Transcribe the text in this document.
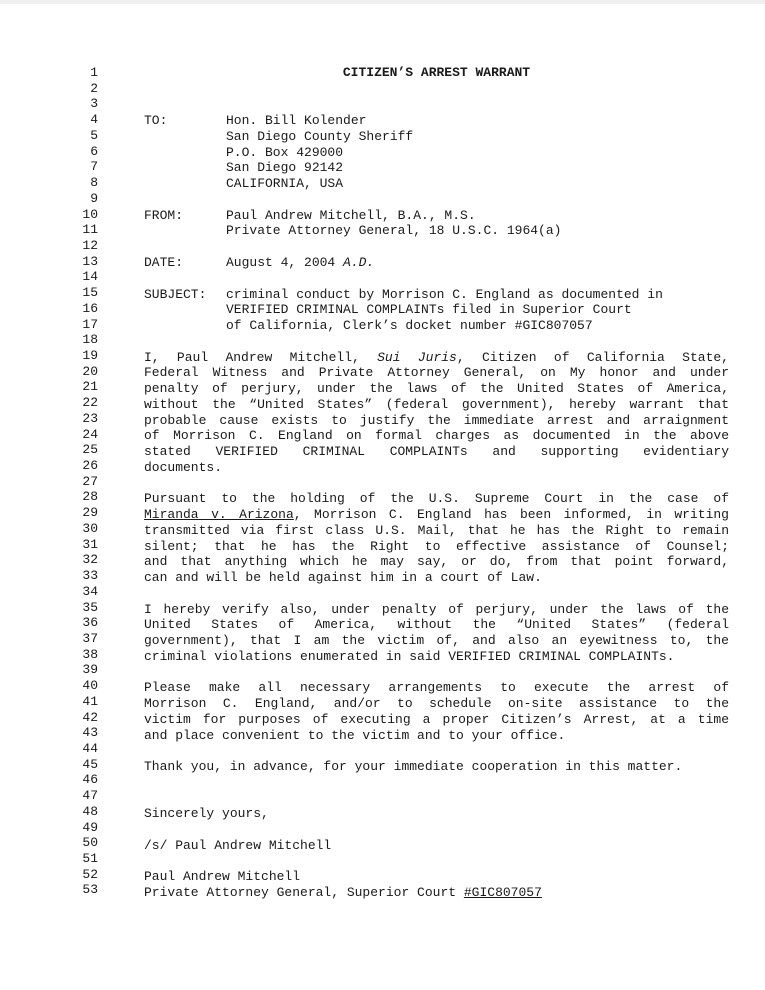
1
2
3
4
5
6
7
8
9
10
11
12
13
14
15
16
17
18
19
20
21
22
23
24
25
26
27
28
29
30
31
32
33
34
35
36
37
38
39
40
41
42
43
44
45
46
47
48
49
50
51
52
53
CITIZEN’S ARREST WARRANT
TO:	Hon. Bill Kolender
San Diego County Sheriff
P.O. Box 429000
San Diego 92142
CALIFORNIA, USA
FROM:	Paul Andrew Mitchell, B.A., M.S.
Private Attorney General, 18 U.S.C. 1964(a)
DATE:	August 4, 2004 A.D.
SUBJECT: criminal conduct by Morrison C. England as documented in
VERIFIED CRIMINAL COMPLAINTs filed in Superior Court
of California, Clerk’s docket number #GIC807057
I, Paul Andrew Mitchell, Sui Juris, Citizen of California State,
Federal Witness and Private Attorney General, on My honor and under
penalty of perjury, under the laws of the United States of America,
without the “United States” (federal government), hereby warrant that
probable cause exists to justify the immediate arrest and arraignment
of Morrison C. England on formal charges as documented in the above
stated VERIFIED CRIMINAL COMPLAINTs and supporting evidentiary
documents.
Pursuant to the holding of the U.S. Supreme Court in the case of
Miranda v. Arizona, Morrison C. England has been informed, in writing
transmitted via first class U.S. Mail, that he has the Right to remain
silent; that he has the Right to effective assistance of Counsel;
and that anything which he may say, or do, from that point forward,
can and will be held against him in a court of Law.
I hereby verify also, under penalty of perjury, under the laws of the
United States of America, without the “United States” (federal
government), that I am the victim of, and also an eyewitness to, the
criminal violations enumerated in said VERIFIED CRIMINAL COMPLAINTs.
Please make all necessary arrangements to execute the arrest of
Morrison C. England, and/or to schedule on-site assistance to the
victim for purposes of executing a proper Citizen’s Arrest, at a time
and place convenient to the victim and to your office.
Thank you, in advance, for your immediate cooperation in this matter.
Sincerely yours,
/s/ Paul Andrew Mitchell
Paul Andrew Mitchell
Private Attorney General, Superior Court #GIC807057
